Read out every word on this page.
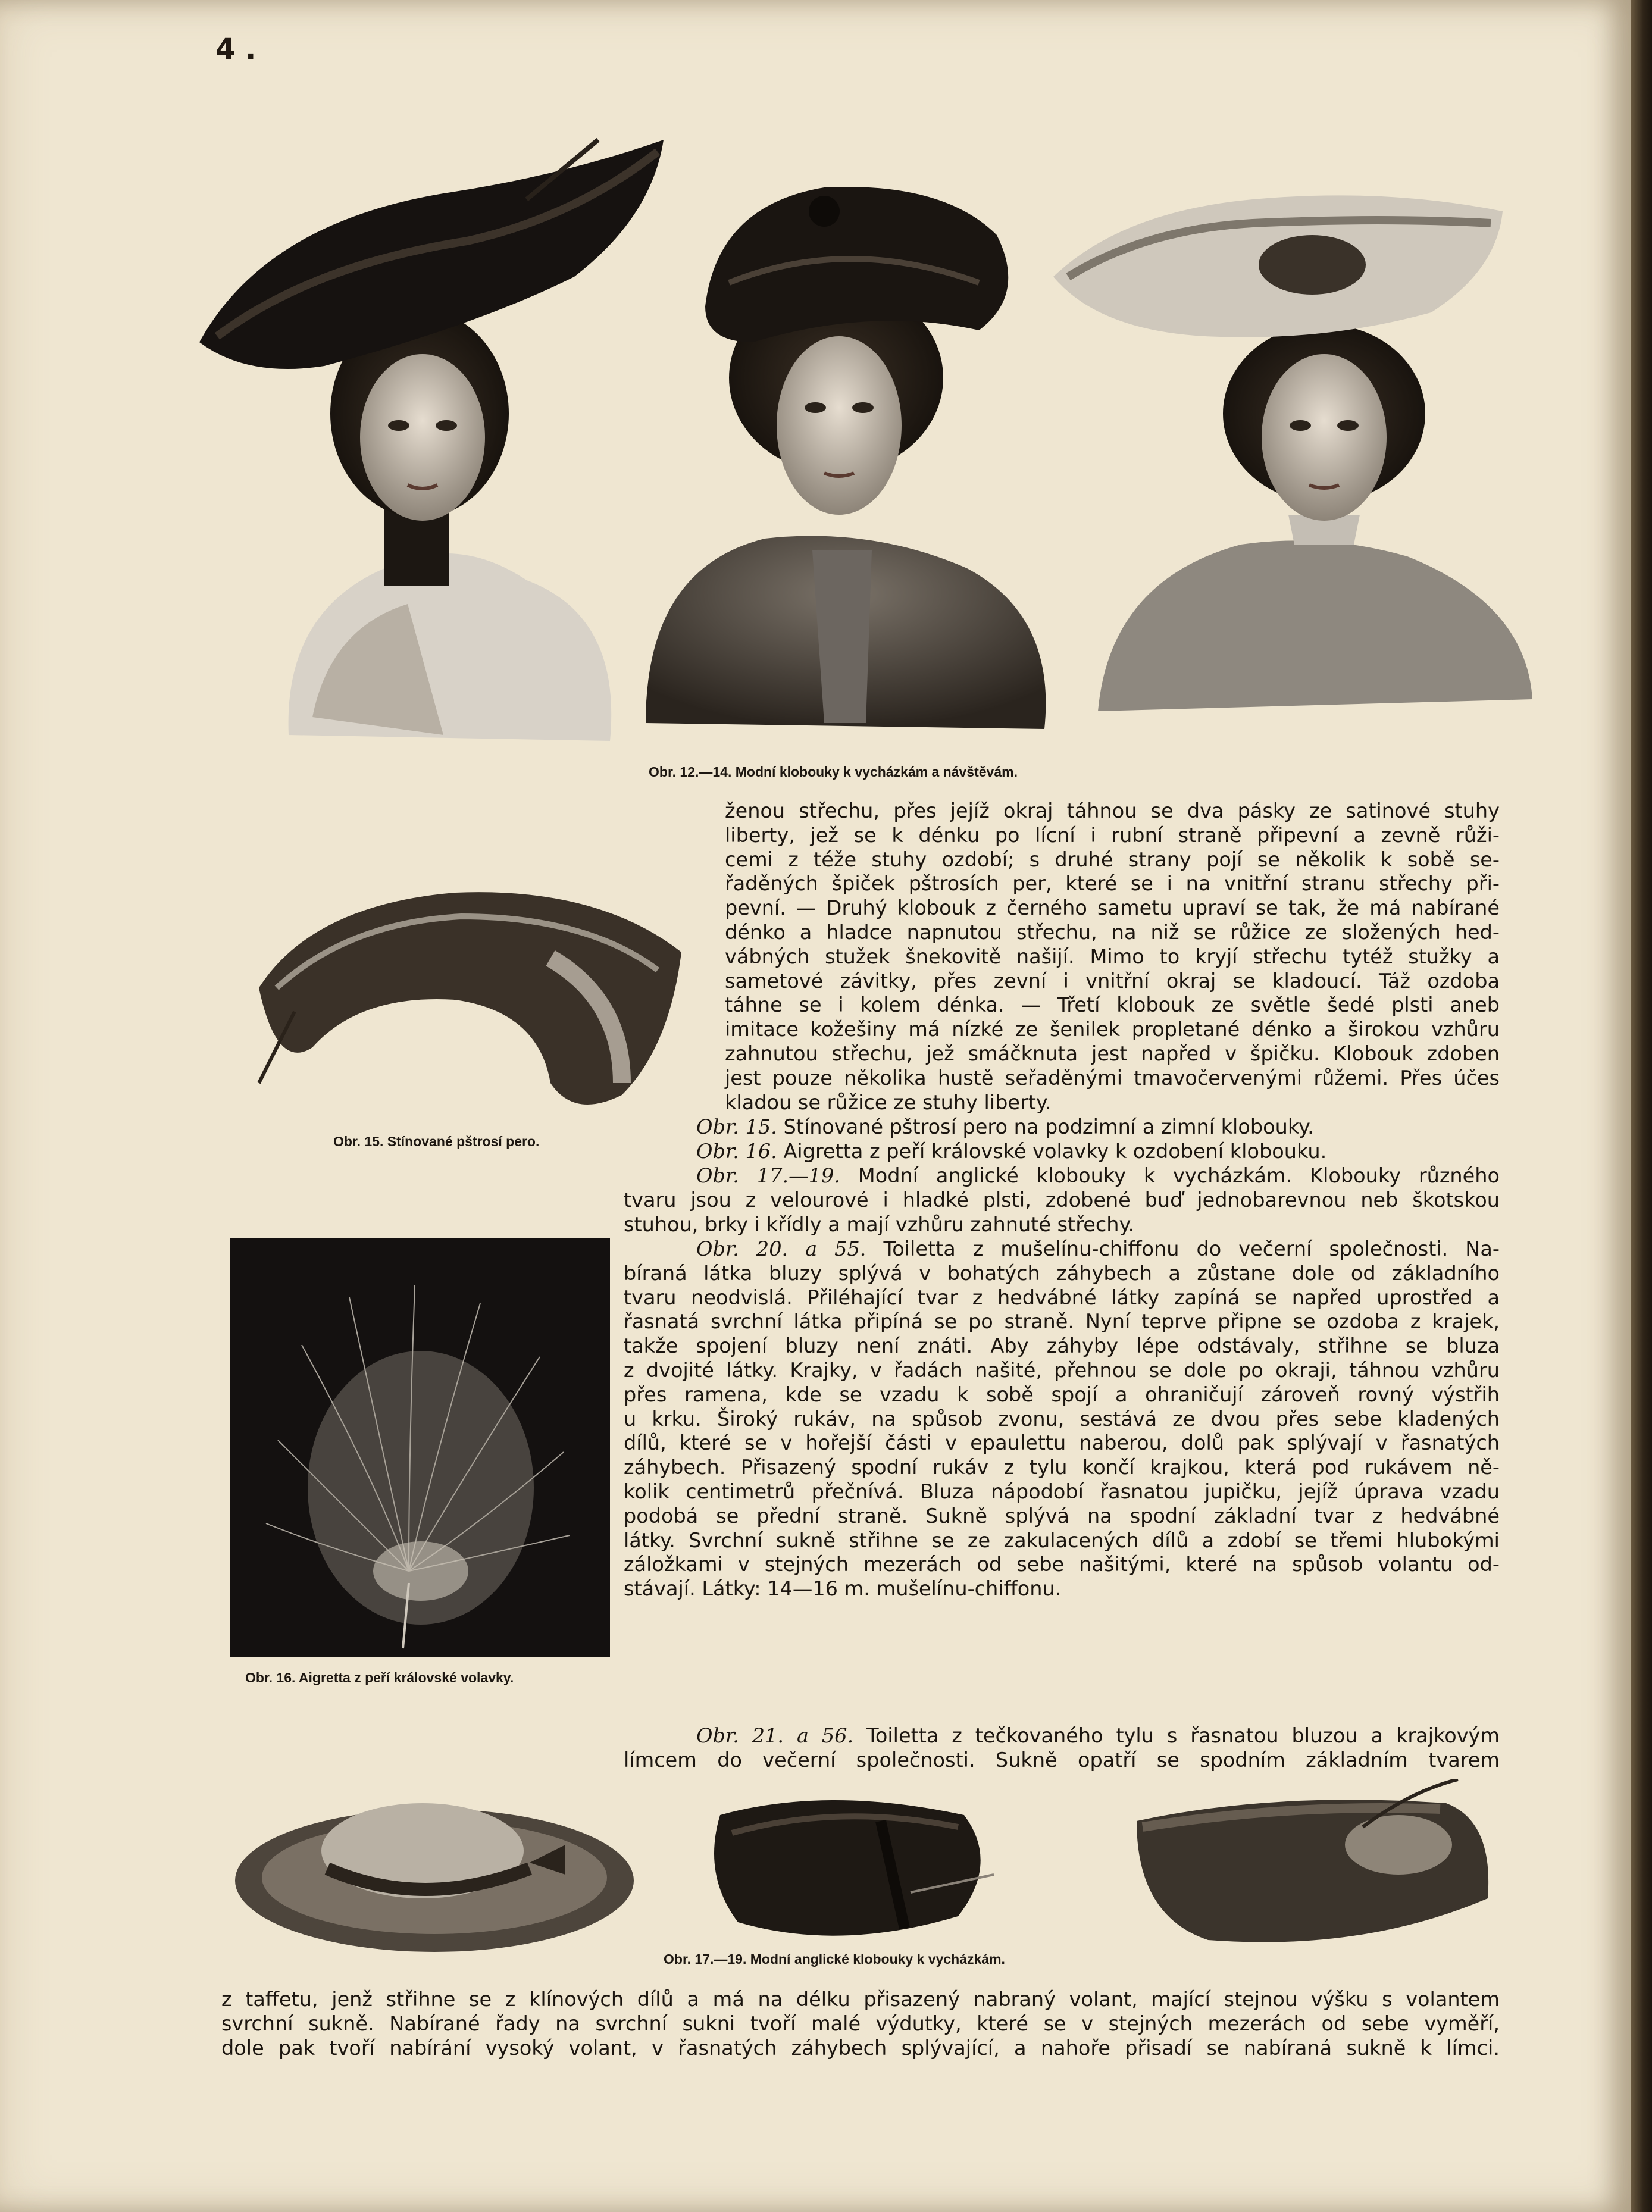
4 .
Obr. 12.—14. Modní klobouky k vycházkám a návštěvám.
Obr. 15. Stínované pštrosí pero.
Obr. 16. Aigretta z peří královské volavky.
Obr. 17.—19. Modní anglické klobouky k vycházkám.
ženou střechu, přes jejíž okraj táhnou se dva pásky ze satinové stuhy
liberty, jež se k dénku po lícní i rubní straně připevní a zevně růži-
cemi z téže stuhy ozdobí; s druhé strany pojí se několik k sobě se-
řaděných špiček pštrosích per, které se i na vnitřní stranu střechy při-
pevní. — Druhý klobouk z černého sametu upraví se tak, že má nabírané
dénko a hladce napnutou střechu, na niž se růžice ze složených hed-
vábných stužek šnekovitě našijí. Mimo to kryjí střechu tytéž stužky a
sametové závitky, přes zevní i vnitřní okraj se kladoucí. Táž ozdoba
táhne se i kolem dénka. — Třetí klobouk ze světle šedé plsti aneb
imitace kožešiny má nízké ze šenilek propletané dénko a širokou vzhůru
zahnutou střechu, jež smáčknuta jest napřed v špičku. Klobouk zdoben
jest pouze několika hustě seřaděnými tmavočervenými růžemi. Přes účes
kladou se růžice ze stuhy liberty.
Obr. 15. Stínované pštrosí pero na podzimní a zimní klobouky.
Obr. 16. Aigretta z peří královské volavky k ozdobení klobouku.
Obr. 17.—19. Modní anglické klobouky k vycházkám. Klobouky různého
tvaru jsou z velourové i hladké plsti, zdobené buď jednobarevnou neb škotskou
stuhou, brky i křídly a mají vzhůru zahnuté střechy.
Obr. 20. a 55. Toiletta z mušelínu-chiffonu do večerní společnosti. Na-
bíraná látka bluzy splývá v bohatých záhybech a zůstane dole od základního
tvaru neodvislá. Přiléhající tvar z hedvábné látky zapíná se napřed uprostřed a
řasnatá svrchní látka připíná se po straně. Nyní teprve připne se ozdoba z krajek,
takže spojení bluzy není znáti. Aby záhyby lépe odstávaly, střihne se bluza
z dvojité látky. Krajky, v řadách našité, přehnou se dole po okraji, táhnou vzhůru
přes ramena, kde se vzadu k sobě spojí a ohraničují zároveň rovný výstřih
u krku. Široký rukáv, na spůsob zvonu, sestává ze dvou přes sebe kladených
dílů, které se v hořejší části v epaulettu naberou, dolů pak splývají v řasnatých
záhybech. Přisazený spodní rukáv z tylu končí krajkou, která pod rukávem ně-
kolik centimetrů přečnívá. Bluza nápodobí řasnatou jupičku, jejíž úprava vzadu
podobá se přední straně. Sukně splývá na spodní základní tvar z hedvábné
látky. Svrchní sukně střihne se ze zakulacených dílů a zdobí se třemi hlubokými
záložkami v stejných mezerách od sebe našitými, které na spůsob volantu od-
stávají. Látky: 14—16 m. mušelínu-chiffonu.
Obr. 21. a 56. Toiletta z tečkovaného tylu s řasnatou bluzou a krajkovým
límcem do večerní společnosti. Sukně opatří se spodním základním tvarem
z taffetu, jenž střihne se z klínových dílů a má na délku přisazený nabraný volant, mající stejnou výšku s volantem
svrchní sukně. Nabírané řady na svrchní sukni tvoří malé výdutky, které se v stejných mezerách od sebe vyměří,
dole pak tvoří nabírání vysoký volant, v řasnatých záhybech splývající, a nahoře přisadí se nabíraná sukně k límci.
